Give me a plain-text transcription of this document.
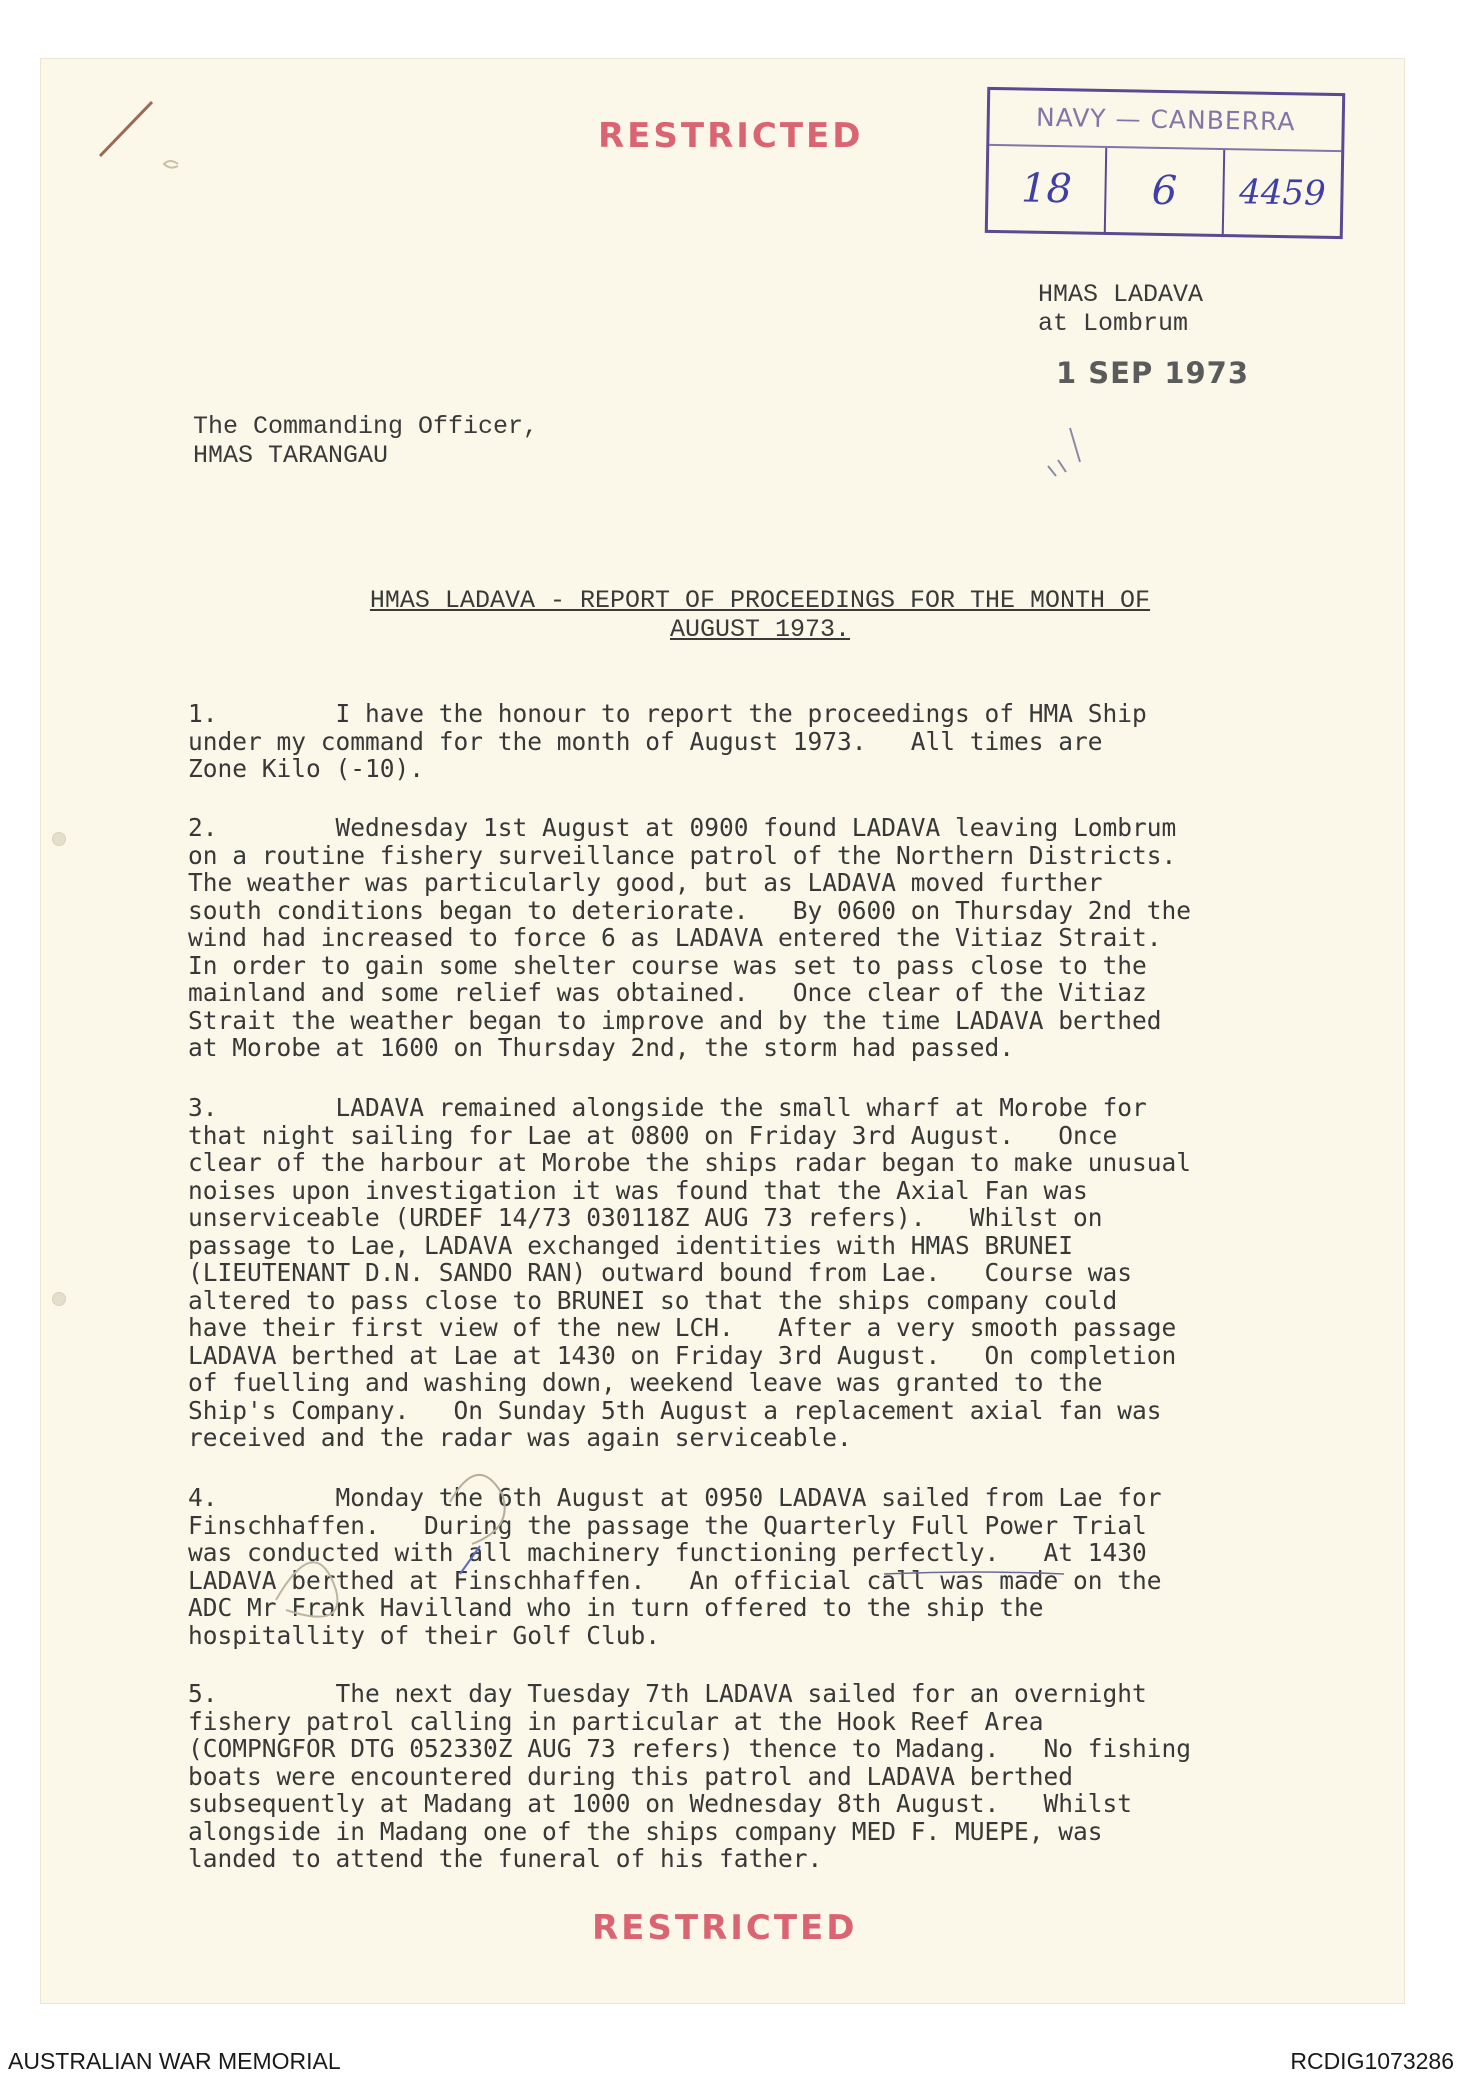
RESTRICTED	NAVY — CANBERRA
18	6	4459
HMAS LADAVA
at Lombrum
1 SEP 1973
The Commanding Officer,
HMAS TARANGAU
HMAS LADAVA - REPORT OF PROCEEDINGS FOR THE MONTH OF
AUGUST 1973.
1.        I have the honour to report the proceedings of HMA Ship
under my command for the month of August 1973.   All times are
Zone Kilo (-10).
2.        Wednesday 1st August at 0900 found LADAVA leaving Lombrum
on a routine fishery surveillance patrol of the Northern Districts.
The weather was particularly good, but as LADAVA moved further
south conditions began to deteriorate.   By 0600 on Thursday 2nd the
wind had increased to force 6 as LADAVA entered the Vitiaz Strait.
In order to gain some shelter course was set to pass close to the
mainland and some relief was obtained.   Once clear of the Vitiaz
Strait the weather began to improve and by the time LADAVA berthed
at Morobe at 1600 on Thursday 2nd, the storm had passed.
3.        LADAVA remained alongside the small wharf at Morobe for
that night sailing for Lae at 0800 on Friday 3rd August.   Once
clear of the harbour at Morobe the ships radar began to make unusual
noises upon investigation it was found that the Axial Fan was
unserviceable (URDEF 14/73 030118Z AUG 73 refers).   Whilst on
passage to Lae, LADAVA exchanged identities with HMAS BRUNEI
(LIEUTENANT D.N. SANDO RAN) outward bound from Lae.   Course was
altered to pass close to BRUNEI so that the ships company could
have their first view of the new LCH.   After a very smooth passage
LADAVA berthed at Lae at 1430 on Friday 3rd August.   On completion
of fuelling and washing down, weekend leave was granted to the
Ship's Company.   On Sunday 5th August a replacement axial fan was
received and the radar was again serviceable.
4.        Monday the 6th August at 0950 LADAVA sailed from Lae for
Finschhaffen.   During the passage the Quarterly Full Power Trial
was conducted with all machinery functioning perfectly.   At 1430
LADAVA berthed at Finschhaffen.   An official call was made on the
ADC Mr Frank Havilland who in turn offered to the ship the
hospitallity of their Golf Club.
5.        The next day Tuesday 7th LADAVA sailed for an overnight
fishery patrol calling in particular at the Hook Reef Area
(COMPNGFOR DTG 052330Z AUG 73 refers) thence to Madang.   No fishing
boats were encountered during this patrol and LADAVA berthed
subsequently at Madang at 1000 on Wednesday 8th August.   Whilst
alongside in Madang one of the ships company MED F. MUEPE, was
landed to attend the funeral of his father.
RESTRICTED
AUSTRALIAN WAR MEMORIAL	RCDIG1073286
